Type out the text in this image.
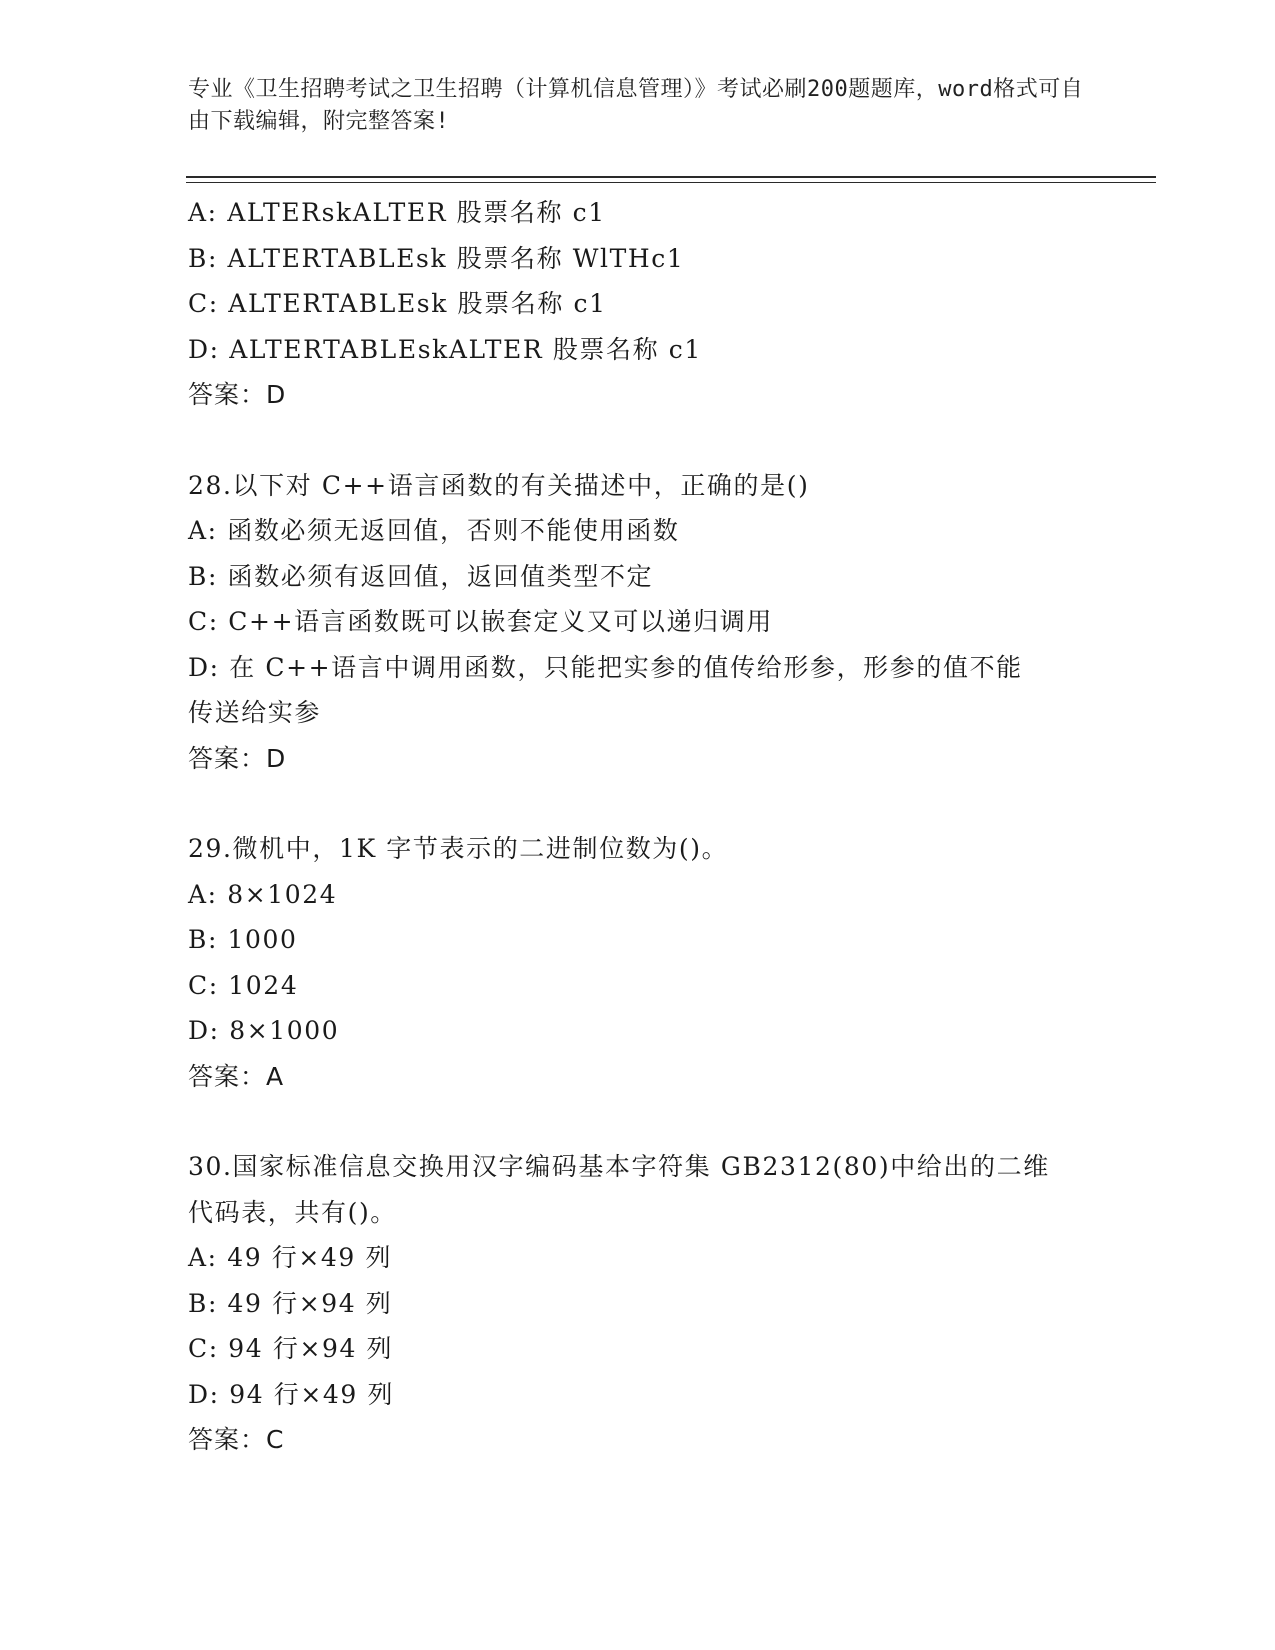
专业《卫生招聘考试之卫生招聘（计算机信息管理）》考试必刷200题题库，word格式可自由下载编辑，附完整答案!
A: ALTERskALTER 股票名称 c1
B: ALTERTABLEsk 股票名称 WlTHc1
C: ALTERTABLEsk 股票名称 c1
D: ALTERTABLEskALTER 股票名称 c1
答案：D
28.以下对 C++语言函数的有关描述中，正确的是()
A: 函数必须无返回值，否则不能使用函数
B: 函数必须有返回值，返回值类型不定
C: C++语言函数既可以嵌套定义又可以递归调用
D: 在 C++语言中调用函数，只能把实参的值传给形参，形参的值不能传送给实参
答案：D
29.微机中，1K 字节表示的二进制位数为()。
A: 8×1024
B: 1000
C: 1024
D: 8×1000
答案：A
30.国家标准信息交换用汉字编码基本字符集 GB2312(80)中给出的二维代码表，共有()。
A: 49 行×49 列
B: 49 行×94 列
C: 94 行×94 列
D: 94 行×49 列
答案：C
